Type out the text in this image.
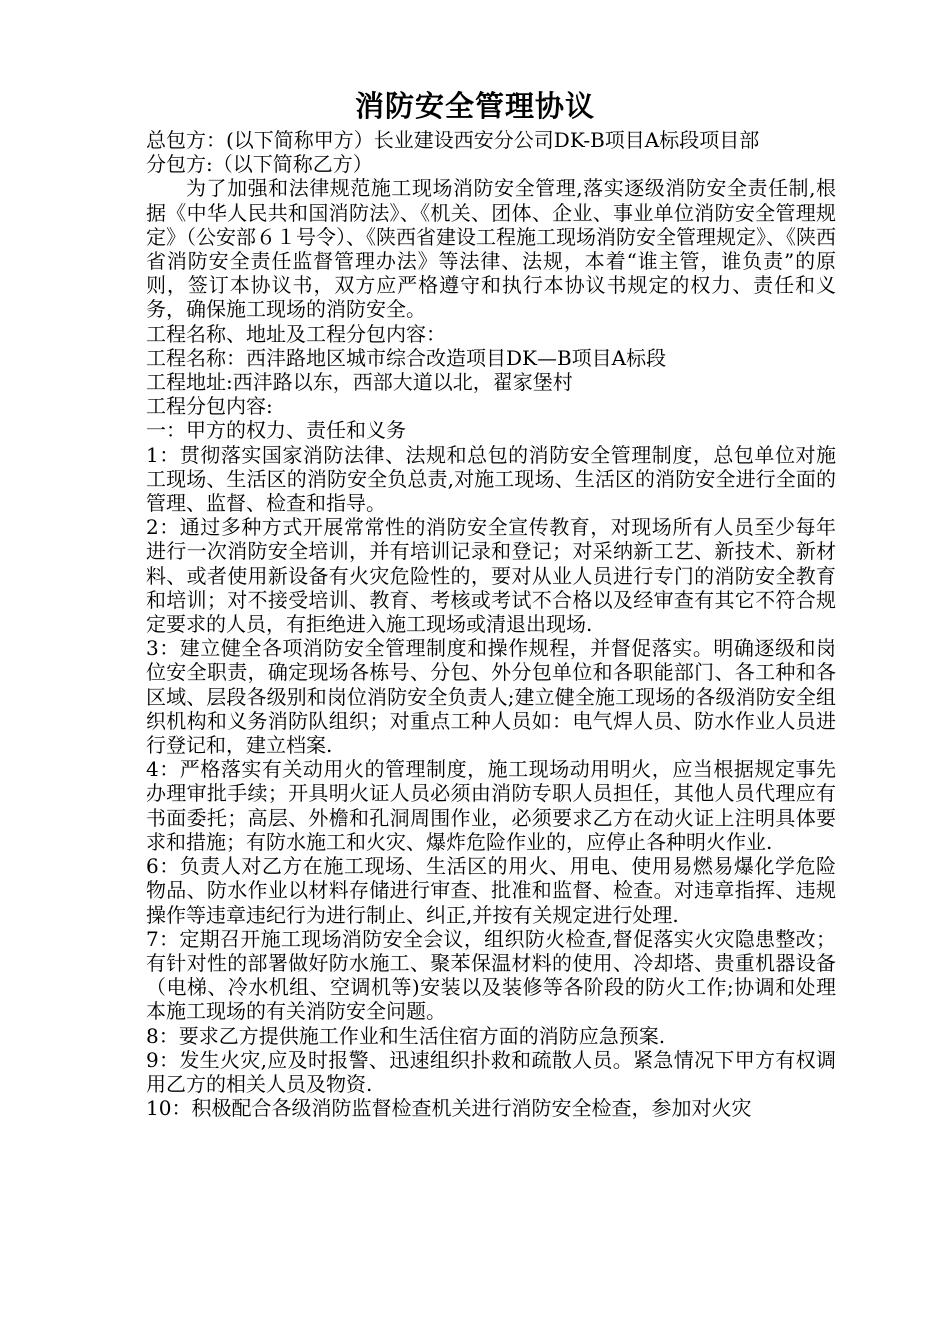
消防安全管理协议

总包方：(以下简称甲方）长业建设西安分公司DK-B项目A标段项目部

分包方:（以下简称乙方）

为了加强和法律规范施工现场消防安全管理,落实逐级消防安全责任制,根据《中华人民共和国消防法》、《机关、团体、企业、事业单位消防安全管理规定》（公安部６１号令）、《陕西省建设工程施工现场消防安全管理规定》、《陕西省消防安全责任监督管理办法》等法律、法规，本着“谁主管，谁负责”的原则，签订本协议书，双方应严格遵守和执行本协议书规定的权力、责任和义务，确保施工现场的消防安全。

工程名称、地址及工程分包内容：

工程名称：西沣路地区城市综合改造项目DK—B项目A标段

工程地址:西沣路以东，西部大道以北，翟家堡村

工程分包内容:

一：甲方的权力、责任和义务

1：贯彻落实国家消防法律、法规和总包的消防安全管理制度，总包单位对施工现场、生活区的消防安全负总责,对施工现场、生活区的消防安全进行全面的管理、监督、检查和指导。

2：通过多种方式开展常常性的消防安全宣传教育，对现场所有人员至少每年进行一次消防安全培训，并有培训记录和登记；对采纳新工艺、新技术、新材料、或者使用新设备有火灾危险性的，要对从业人员进行专门的消防安全教育和培训；对不接受培训、教育、考核或考试不合格以及经审查有其它不符合规定要求的人员，有拒绝进入施工现场或清退出现场.

3：建立健全各项消防安全管理制度和操作规程，并督促落实。明确逐级和岗位安全职责，确定现场各栋号、分包、外分包单位和各职能部门、各工种和各区域、层段各级别和岗位消防安全负责人;建立健全施工现场的各级消防安全组织机构和义务消防队组织；对重点工种人员如：电气焊人员、防水作业人员进行登记和，建立档案.

4：严格落实有关动用火的管理制度，施工现场动用明火，应当根据规定事先办理审批手续；开具明火证人员必须由消防专职人员担任，其他人员代理应有书面委托；高层、外檐和孔洞周围作业，必须要求乙方在动火证上注明具体要求和措施；有防水施工和火灾、爆炸危险作业的，应停止各种明火作业.

6：负责人对乙方在施工现场、生活区的用火、用电、使用易燃易爆化学危险物品、防水作业以材料存储进行审查、批准和监督、检查。对违章指挥、违规操作等违章违纪行为进行制止、纠正,并按有关规定进行处理.

7：定期召开施工现场消防安全会议，组织防火检查,督促落实火灾隐患整改；有针对性的部署做好防水施工、聚苯保温材料的使用、冷却塔、贵重机器设备（电梯、冷水机组、空调机等)安装以及装修等各阶段的防火工作;协调和处理本施工现场的有关消防安全问题。

8：要求乙方提供施工作业和生活住宿方面的消防应急预案.

9：发生火灾,应及时报警、迅速组织扑救和疏散人员。紧急情况下甲方有权调用乙方的相关人员及物资.

10：积极配合各级消防监督检查机关进行消防安全检查，参加对火灾
